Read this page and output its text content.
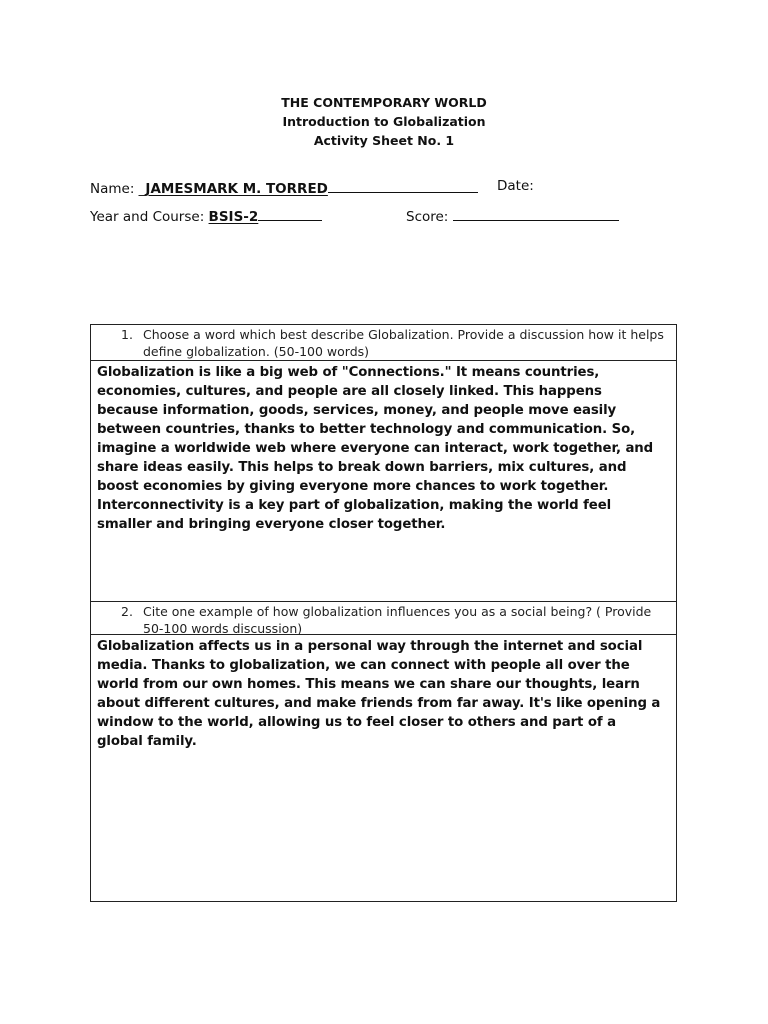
THE CONTEMPORARY WORLD
Introduction to Globalization
Activity Sheet No. 1
Name: _JAMESMARK M. TORRED	Date:
Year and Course: BSIS-2	Score:
1. Choose a word which best describe Globalization. Provide a discussion how it helps define globalization. (50-100 words)
Globalization is like a big web of "Connections." It means countries, economies, cultures, and people are all closely linked. This happens because information, goods, services, money, and people move easily between countries, thanks to better technology and communication. So, imagine a worldwide web where everyone can interact, work together, and share ideas easily. This helps to break down barriers, mix cultures, and boost economies by giving everyone more chances to work together. Interconnectivity is a key part of globalization, making the world feel smaller and bringing everyone closer together.
2. Cite one example of how globalization influences you as a social being? ( Provide 50-100 words discussion)
Globalization affects us in a personal way through the internet and social media. Thanks to globalization, we can connect with people all over the world from our own homes. This means we can share our thoughts, learn about different cultures, and make friends from far away. It's like opening a window to the world, allowing us to feel closer to others and part of a global family.
